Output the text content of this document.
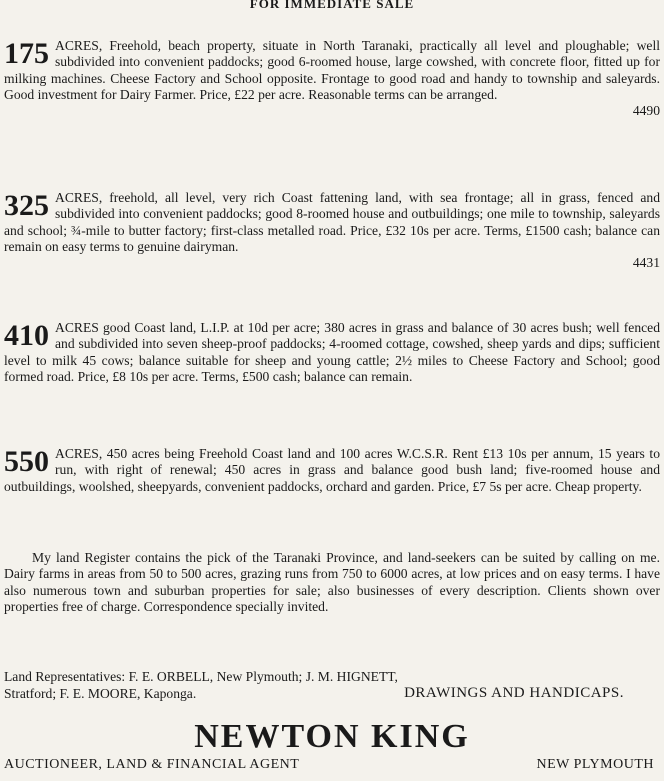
FOR IMMEDIATE SALE
175 ACRES, Freehold, beach property, situate in North Taranaki, practically all level and ploughable; well subdivided into convenient paddocks; good 6-roomed house, large cowshed, with concrete floor, fitted up for milking machines. Cheese Factory and School opposite. Frontage to good road and handy to township and saleyards. Good investment for Dairy Farmer. Price, £22 per acre. Reasonable terms can be arranged.

4490
325 ACRES, freehold, all level, very rich Coast fattening land, with sea frontage; all in grass, fenced and subdivided into convenient paddocks; good 8-roomed house and outbuildings; one mile to township, saleyards and school; ¾-mile to butter factory; first-class metalled road. Price, £32 10s per acre. Terms, £1500 cash; balance can remain on easy terms to genuine dairyman.

4431
410 ACRES good Coast land, L.I.P. at 10d per acre; 380 acres in grass and balance of 30 acres bush; well fenced and subdivided into seven sheep-proof paddocks; 4-roomed cottage, cowshed, sheep yards and dips; sufficient level to milk 45 cows; balance suitable for sheep and young cattle; 2½ miles to Cheese Factory and School; good formed road. Price, £8 10s per acre. Terms, £500 cash; balance can remain.

550 ACRES, 450 acres being Freehold Coast land and 100 acres W.C.S.R. Rent £13 10s per annum, 15 years to run, with right of renewal; 450 acres in grass and balance good bush land; five-roomed house and outbuildings, woolshed, sheepyards, convenient paddocks, orchard and garden. Price, £7 5s per acre. Cheap property.

My land Register contains the pick of the Taranaki Province, and land-seekers can be suited by calling on me. Dairy farms in areas from 50 to 500 acres, grazing runs from 750 to 6000 acres, at low prices and on easy terms. I have also numerous town and suburban properties for sale; also businesses of every description. Clients shown over properties free of charge. Correspondence specially invited.

Land Representatives: F. E. ORBELL, New Plymouth; J. M. HIGNETT,
Stratford; F. E. MOORE, Kaponga.	DRAWINGS AND HANDICAPS.
NEWTON KING
AUCTIONEER, LAND & FINANCIAL AGENT	NEW PLYMOUTH
